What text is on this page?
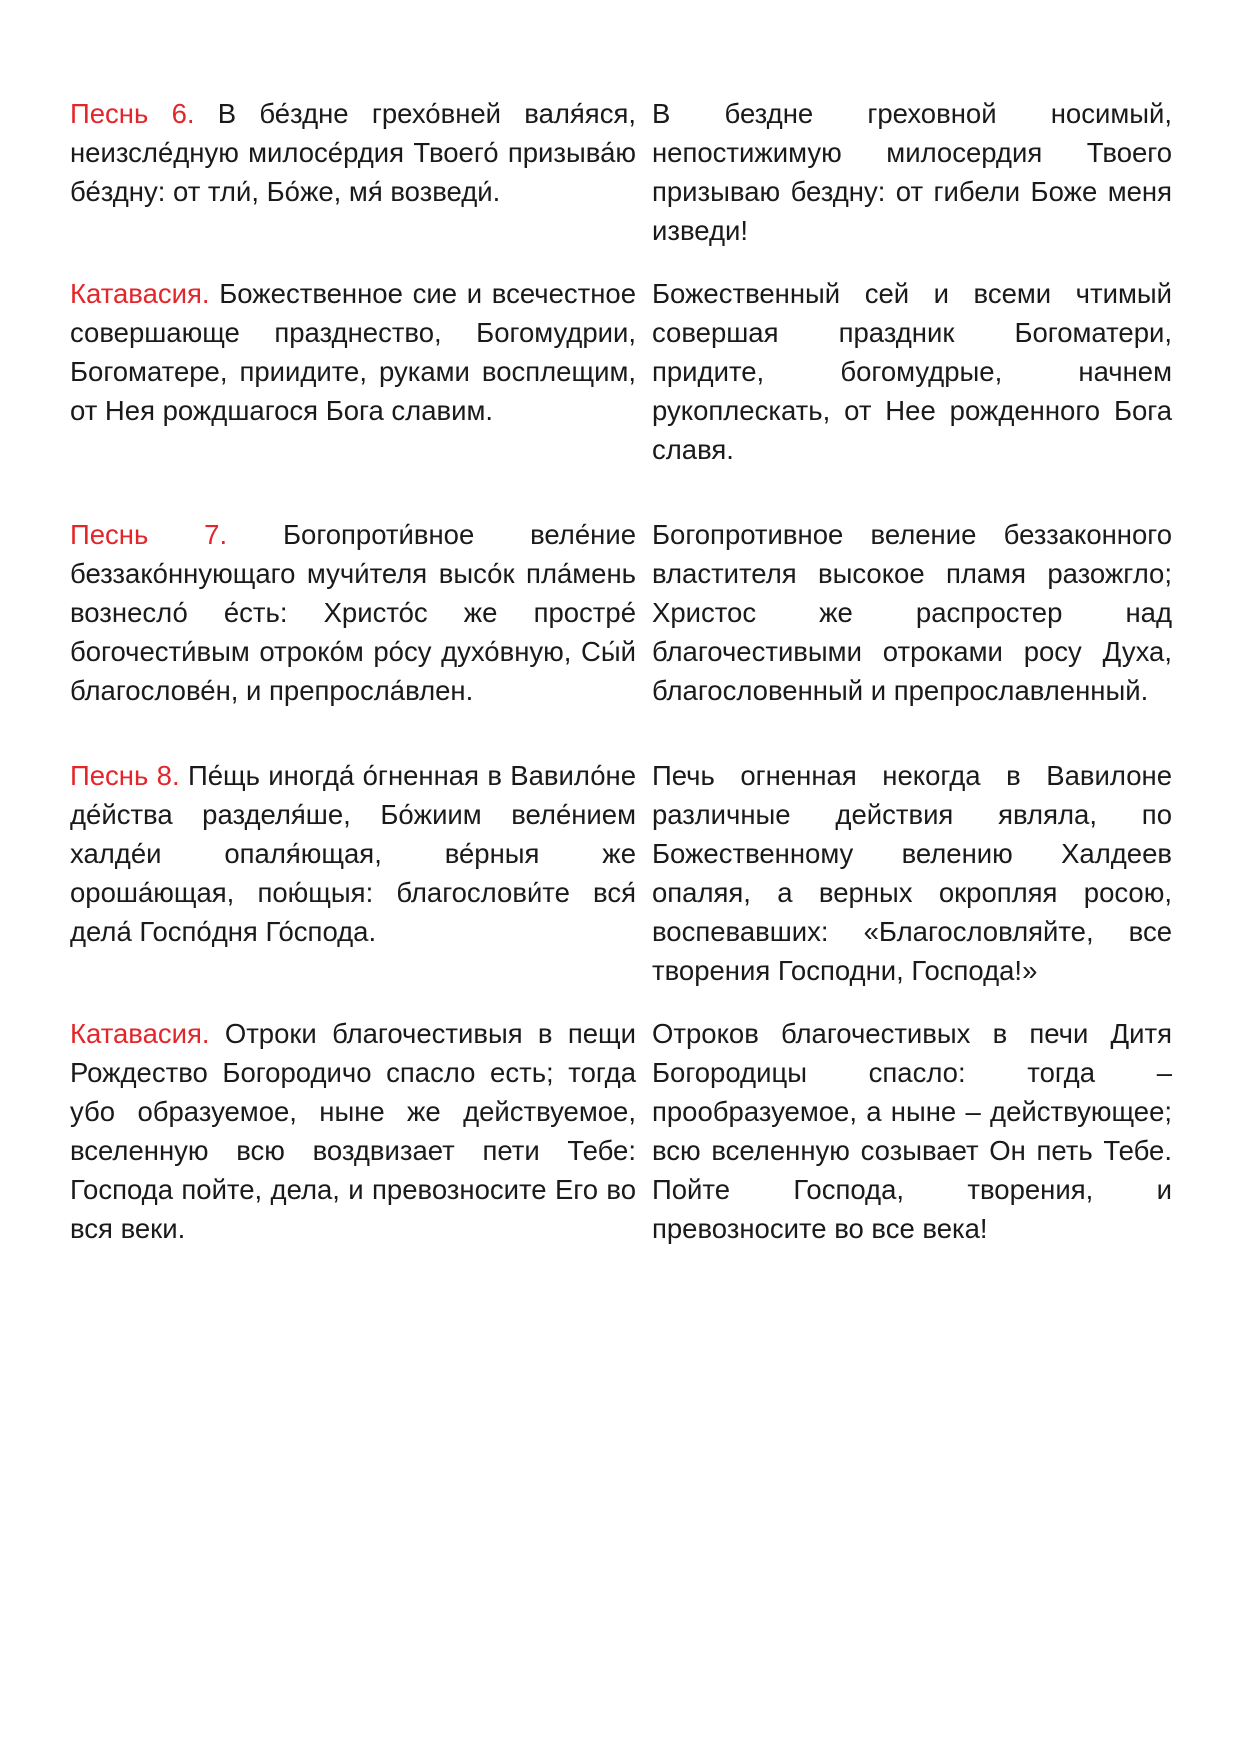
Песнь 6. В бе́здне грехо́вней валя́яся, неизсле́дную милосе́рдия Твоего́ призыва́ю бе́здну: от тли́, Бо́же, мя́ возведи́.

В бездне греховной носимый, непостижимую милосердия Твоего призываю бездну: от гибели Боже меня изведи!

Катавасия. Божественное сие и всечестное совершающе празднество, Богомудрии, Богоматере, приидите, руками восплещим, от Нея рождшагося Бога славим.

Божественный сей и всеми чтимый совершая праздник Богоматери, придите, богомудрые, начнем рукоплескать, от Нее рожденного Бога славя.

Песнь 7. Богопроти́вное веле́ние беззако́ннующаго мучи́теля высо́к пла́мень вознесло́ е́сть: Христо́с же простре́ богочести́вым отроко́м ро́су духо́вную, Сы́й благослове́н, и препросла́влен.

Богопротивное веление беззаконного властителя высокое пламя разожгло; Христос же распростер над благочестивыми отроками росу Духа, благословенный и препрославленный.

Песнь 8. Пе́щь иногда́ о́гненная в Вавило́не де́йства разделя́ше, Бо́жиим веле́нием халде́и опаля́ющая, ве́рныя же ороша́ющая, пою́щыя: благослови́те вся́ дела́ Госпо́дня Го́спода.

Печь огненная некогда в Вавилоне различные действия являла, по Божественному велению Халдеев опаляя, а верных окропляя росою, воспевавших: «Благословляйте, все творения Господни, Господа!»

Катавасия. Отроки благочестивыя в пещи Рождество Богородичо спасло есть; тогда убо образуемое, ныне же действуемое, вселенную всю воздвизает пети Тебе: Господа пойте, дела, и превозносите Его во вся веки.

Отроков благочестивых в печи Дитя Богородицы спасло: тогда – прообразуемое, а ныне – действующее; всю вселенную созывает Он петь Тебе. Пойте Господа, творения, и превозносите во все века!
